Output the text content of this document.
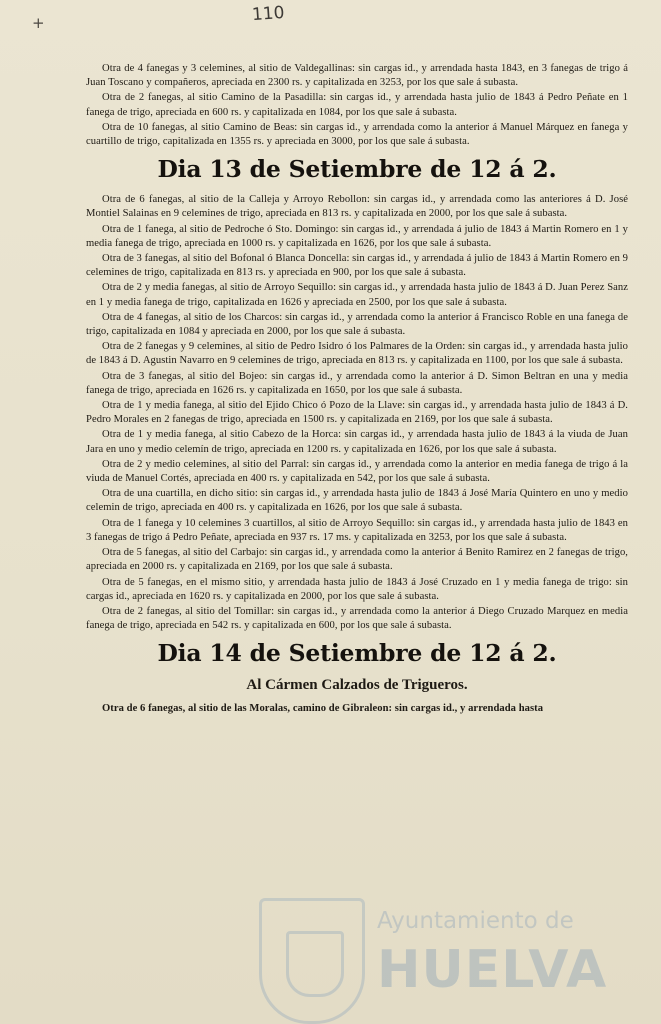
+	110

Otra de 4 fanegas y 3 celemines, al sitio de Valdegallinas: sin cargas id., y arrendada hasta 1843, en 3 fanegas de trigo á Juan Toscano y compañeros, apreciada en 2300 rs. y capitalizada en 3253, por los que sale á subasta.

Otra de 2 fanegas, al sitio Camino de la Pasadilla: sin cargas id., y arrendada hasta julio de 1843 á Pedro Peñate en 1 fanega de trigo, apreciada en 600 rs. y capitalizada en 1084, por los que sale á subasta.

Otra de 10 fanegas, al sitio Camino de Beas: sin cargas id., y arrendada como la anterior á Manuel Márquez en fanega y cuartillo de trigo, capitalizada en 1355 rs. y apreciada en 3000, por los que sale á subasta.

Dia 13 de Setiembre de 12 á 2.

Otra de 6 fanegas, al sitio de la Calleja y Arroyo Rebollon: sin cargas id., y arrendada como las anteriores á D. José Montiel Salainas en 9 celemines de trigo, apreciada en 813 rs. y capitalizada en 2000, por los que sale á subasta.

Otra de 1 fanega, al sitio de Pedroche ó Sto. Domingo: sin cargas id., y arrendada á julio de 1843 á Martin Romero en 1 y media fanega de trigo, apreciada en 1000 rs. y capitalizada en 1626, por los que sale á subasta.

Otra de 3 fanegas, al sitio del Bofonal ó Blanca Doncella: sin cargas id., y arrendada á julio de 1843 á Martin Romero en 9 celemines de trigo, capitalizada en 813 rs. y apreciada en 900, por los que sale á subasta.

Otra de 2 y media fanegas, al sitio de Arroyo Sequillo: sin cargas id., y arrendada hasta julio de 1843 á D. Juan Perez Sanz en 1 y media fanega de trigo, capitalizada en 1626 y apreciada en 2500, por los que sale á subasta.

Otra de 4 fanegas, al sitio de los Charcos: sin cargas id., y arrendada como la anterior á Francisco Roble en una fanega de trigo, capitalizada en 1084 y apreciada en 2000, por los que sale á subasta.

Otra de 2 fanegas y 9 celemines, al sitio de Pedro Isidro ó los Palmares de la Orden: sin cargas id., y arrendada hasta julio de 1843 á D. Agustin Navarro en 9 celemines de trigo, apreciada en 813 rs. y capitalizada en 1100, por los que sale á subasta.

Otra de 3 fanegas, al sitio del Bojeo: sin cargas id., y arrendada como la anterior á D. Simon Beltran en una y media fanega de trigo, apreciada en 1626 rs. y capitalizada en 1650, por los que sale á subasta.

Otra de 1 y media fanega, al sitio del Ejido Chico ó Pozo de la Llave: sin cargas id., y arrendada hasta julio de 1843 á D. Pedro Morales en 2 fanegas de trigo, apreciada en 1500 rs. y capitalizada en 2169, por los que sale á subasta.

Otra de 1 y media fanega, al sitio Cabezo de la Horca: sin cargas id., y arrendada hasta julio de 1843 á la viuda de Juan Jara en uno y medio celemín de trigo, apreciada en 1200 rs. y capitalizada en 1626, por los que sale á subasta.

Otra de 2 y medio celemines, al sitio del Parral: sin cargas id., y arrendada como la anterior en media fanega de trigo á la viuda de Manuel Cortés, apreciada en 400 rs. y capitalizada en 542, por los que sale á subasta.

Otra de una cuartilla, en dicho sitio: sin cargas id., y arrendada hasta julio de 1843 á José María Quintero en uno y medio celemin de trigo, apreciada en 400 rs. y capitalizada en 1626, por los que sale á subasta.

Otra de 1 fanega y 10 celemines 3 cuartillos, al sitio de Arroyo Sequillo: sin cargas id., y arrendada hasta julio de 1843 en 3 fanegas de trigo á Pedro Peñate, apreciada en 937 rs. 17 ms. y capitalizada en 3253, por los que sale á subasta.

Otra de 5 fanegas, al sitio del Carbajo: sin cargas id., y arrendada como la anterior á Benito Ramirez en 2 fanegas de trigo, apreciada en 2000 rs. y capitalizada en 2169, por los que sale á subasta.

Otra de 5 fanegas, en el mismo sitio, y arrendada hasta julio de 1843 á José Cruzado en 1 y media fanega de trigo: sin cargas id., apreciada en 1620 rs. y capitalizada en 2000, por los que sale á subasta.

Otra de 2 fanegas, al sitio del Tomillar: sin cargas id., y arrendada como la anterior á Diego Cruzado Marquez en media fanega de trigo, apreciada en 542 rs. y capitalizada en 600, por los que sale á subasta.

Dia 14 de Setiembre de 12 á 2.
Al Cármen Calzados de Trigueros.

Otra de 6 fanegas, al sitio de las Moralas, camino de Gibraleon: sin cargas id., y arrendada hasta

Ayuntamiento de
HUELVA
